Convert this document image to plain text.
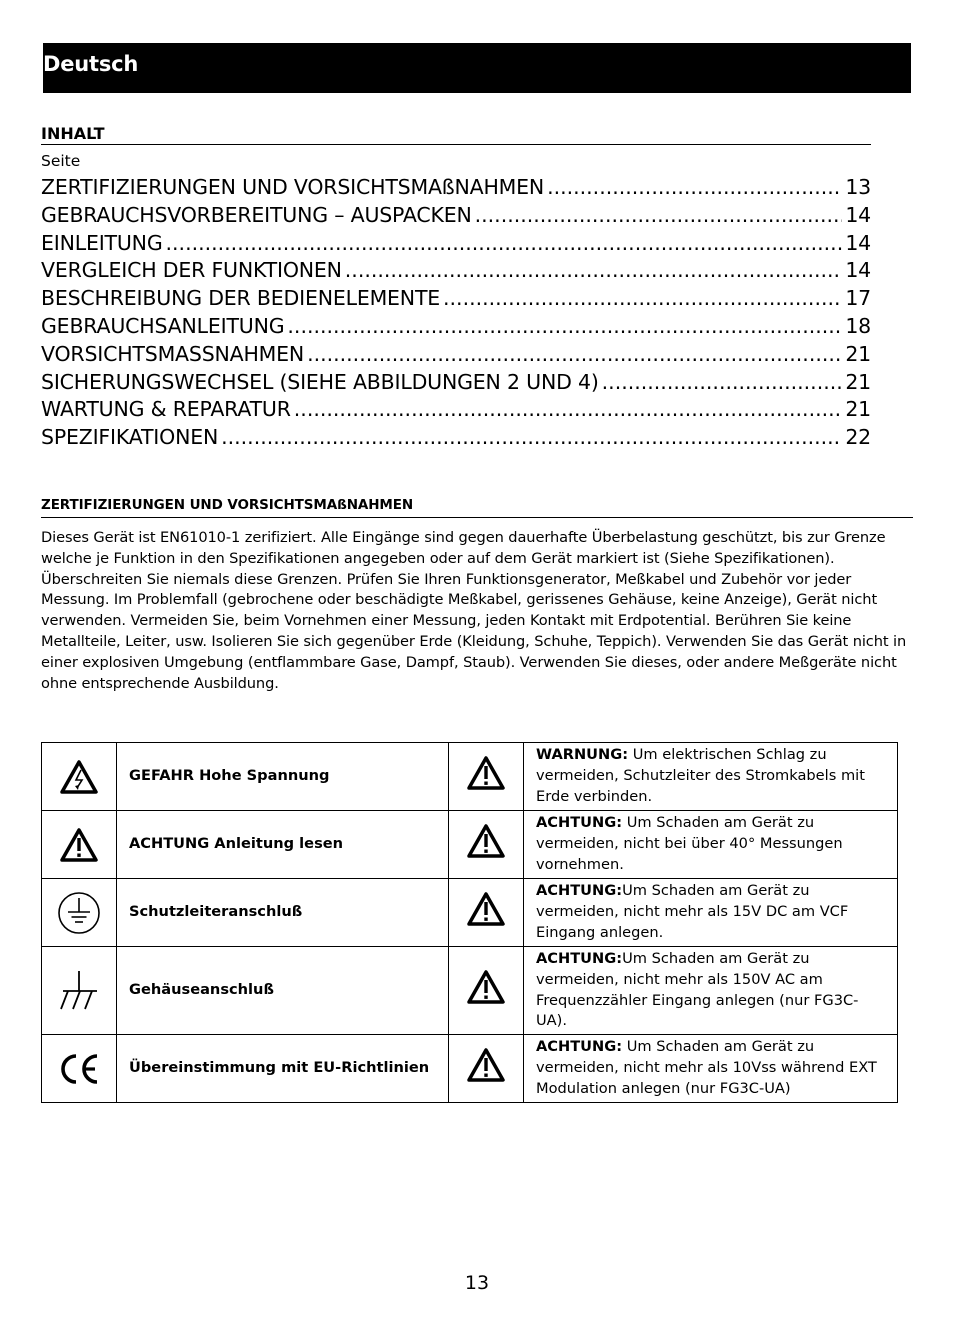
Deutsch
INHALT
Seite
ZERTIFIZIERUNGEN UND VORSICHTSMAßNAHMEN .....	13
GEBRAUCHSVORBEREITUNG – AUSPACKEN .....	14
EINLEITUNG .....	14
VERGLEICH DER FUNKTIONEN .....	14
BESCHREIBUNG DER BEDIENELEMENTE .....	17
GEBRAUCHSANLEITUNG .....	18
VORSICHTSMASSNAHMEN .....	21
SICHERUNGSWECHSEL (SIEHE ABBILDUNGEN 2 UND 4) .....	21
WARTUNG & REPARATUR .....	21
SPEZIFIKATIONEN .....	22
ZERTIFIZIERUNGEN UND VORSICHTSMAßNAHMEN
Dieses Gerät ist EN61010-1 zerifiziert. Alle Eingänge sind gegen dauerhafte Überbelastung geschützt, bis zur Grenze welche je Funktion in den Spezifikationen angegeben oder auf dem Gerät markiert ist (Siehe Spezifikationen). Überschreiten Sie niemals diese Grenzen. Prüfen Sie Ihren Funktionsgenerator, Meßkabel und Zubehör vor jeder Messung. Im Problemfall (gebrochene oder beschädigte Meßkabel, gerissenes Gehäuse, keine Anzeige), Gerät nicht verwenden. Vermeiden Sie, beim Vornehmen einer Messung, jeden Kontakt mit Erdpotential. Berühren Sie keine Metallteile, Leiter, usw. Isolieren Sie sich gegenüber Erde (Kleidung, Schuhe, Teppich). Verwenden Sie das Gerät nicht in einer explosiven Umgebung (entflammbare Gase, Dampf, Staub). Verwenden Sie dieses, oder andere Meßgeräte nicht ohne entsprechende Ausbildung.
	GEFAHR Hohe Spannung		WARNUNG: Um elektrischen Schlag zu vermeiden, Schutzleiter des Stromkabels mit Erde verbinden.

	ACHTUNG Anleitung lesen		ACHTUNG: Um Schaden am Gerät zu vermeiden, nicht bei über 40° Messungen vornehmen.

	Schutzleiteranschluß		ACHTUNG:Um Schaden am Gerät zu vermeiden, nicht mehr als 15V DC am VCF Eingang anlegen.

	Gehäuseanschluß		ACHTUNG:Um Schaden am Gerät zu vermeiden, nicht mehr als 150V AC am Frequenzzähler Eingang anlegen (nur FG3C-UA).

	Übereinstimmung mit EU-Richtlinien		ACHTUNG: Um Schaden am Gerät zu vermeiden, nicht mehr als 10Vss während EXT Modulation anlegen (nur FG3C-UA)
13
